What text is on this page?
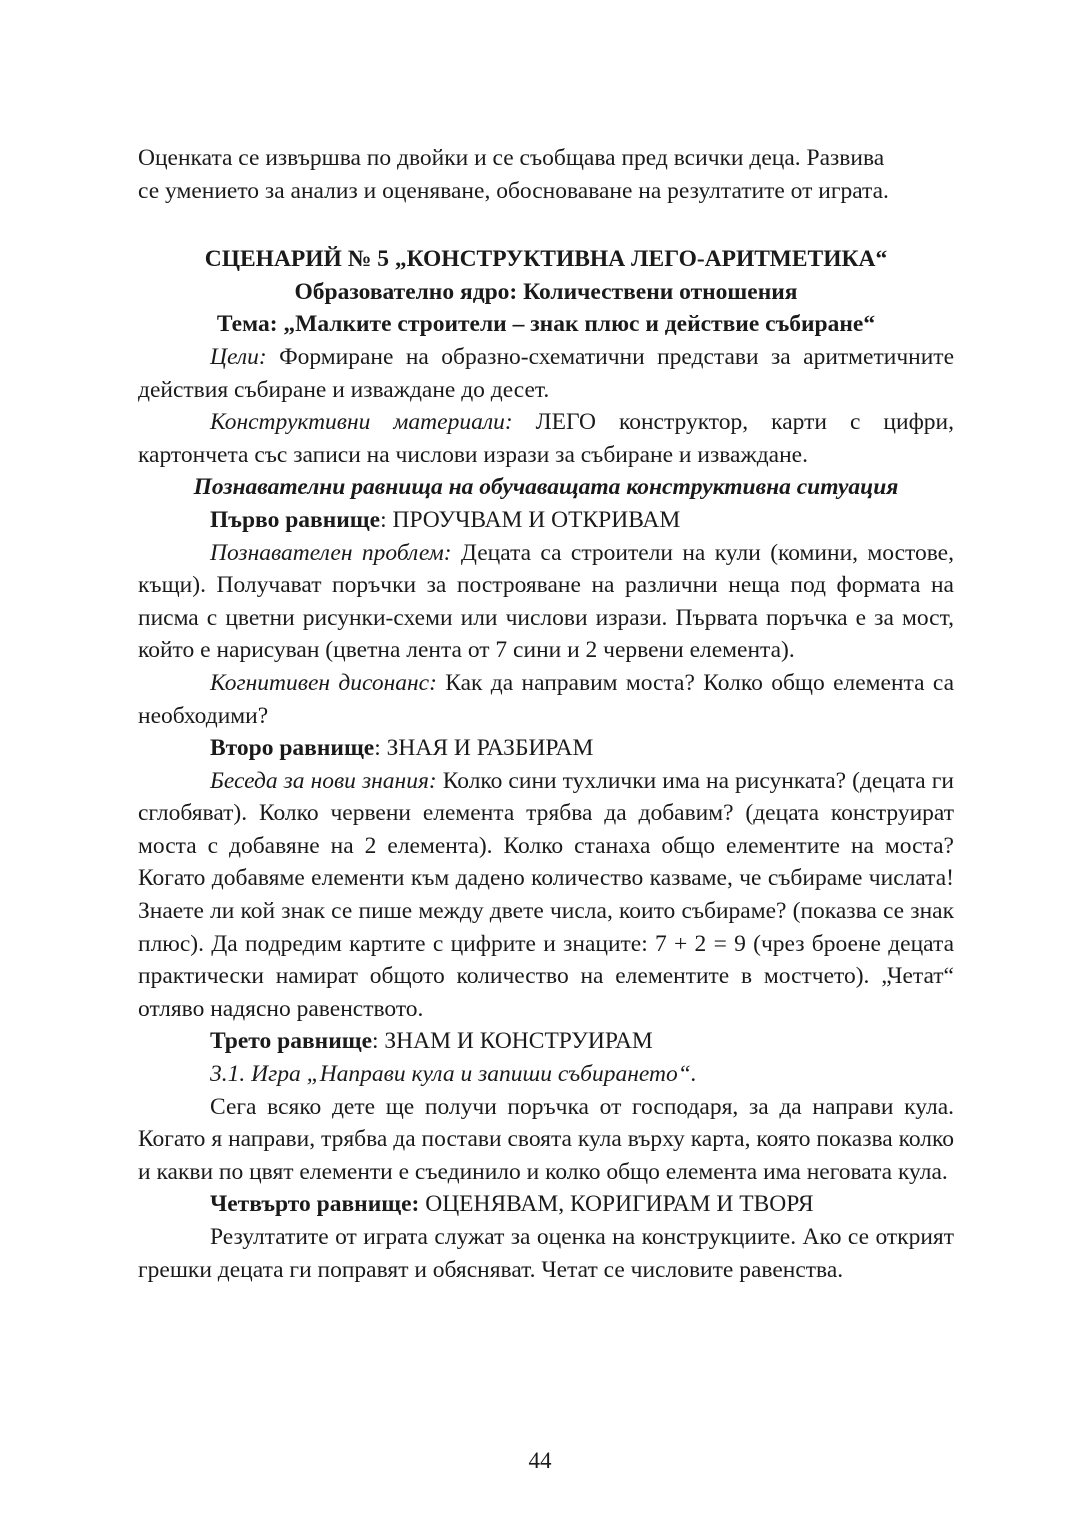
Оценката се извършва по двойки и се съобщава пред всички деца. Развива
се умението за анализ и оценяване, обосноваване на резултатите от играта.

СЦЕНАРИЙ № 5 „КОНСТРУКТИВНА ЛЕГО-АРИТМЕТИКА“

Образователно ядро: Количествени отношения

Тема: „Малките строители – знак плюс и действие събиране“

Цели: Формиране на образно-схематични представи за аритметичните действия събиране и изваждане до десет.

Конструктивни материали: ЛЕГО конструктор, карти с цифри, картончета със записи на числови изрази за събиране и изваждане.

Познавателни равнища на обучаващата конструктивна ситуация

Първо равнище: ПРОУЧВАМ И ОТКРИВАМ

Познавателен проблем: Децата са строители на кули (комини, мостове, къщи). Получават поръчки за построяване на различни неща под формата на писма с цветни рисунки-схеми или числови изрази. Първата поръчка е за мост, който е нарисуван (цветна лента от 7 сини и 2 червени елемента).

Когнитивен дисонанс: Как да направим моста? Колко общо елемента са необходими?

Второ равнище: ЗНАЯ И РАЗБИРАМ

Беседа за нови знания: Колко сини тухлички има на рисунката? (децата ги сглобяват). Колко червени елемента трябва да добавим? (децата конструират моста с добавяне на 2 елемента). Колко станаха общо елементите на моста? Когато добавяме елементи към дадено количество казваме, че събираме числата! Знаете ли кой знак се пише между двете числа, които събираме? (показва се знак плюс). Да подредим картите с цифрите и знаците: 7 + 2 = 9 (чрез броене децата практически намират общото количество на елементите в мостчето). „Четат“ отляво надясно равенството.

Трето равнище: ЗНАМ И КОНСТРУИРАМ

3.1. Игра „Направи кула и запиши събирането“.

Сега всяко дете ще получи поръчка от господаря, за да направи кула. Когато я направи, трябва да постави своята кула върху карта, която показва колко и какви по цвят елементи е съединило и колко общо елемента има неговата кула.

Четвърто равнище: ОЦЕНЯВАМ, КОРИГИРАМ И ТВОРЯ

Резултатите от играта служат за оценка на конструкциите. Ако се открият грешки децата ги поправят и обясняват. Четат се числовите равенства.

44
